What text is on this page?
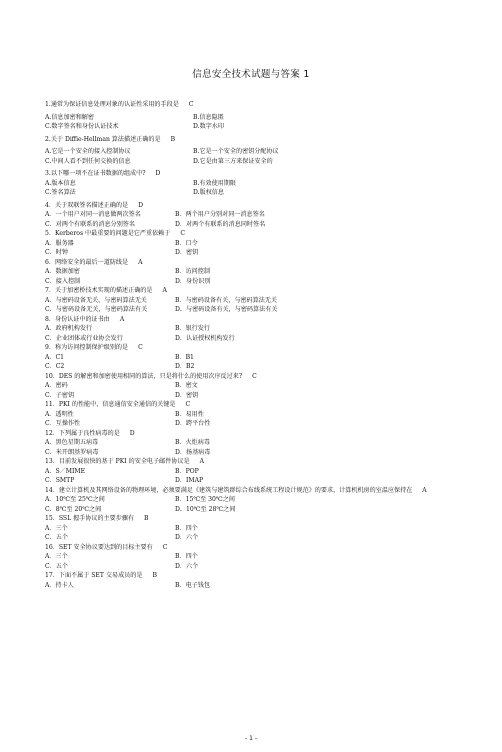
信息安全技术试题与答案 1
1.通常为保证信息处理对象的认证性采用的手段是 C
A.信息加密和解密	B.信息隐匿
C.数字签名和身份认证技术	D.数字水印
2.关于 Diffie-Hellman 算法描述正确的是 B
A.它是一个安全的接入控制协议	B.它是一个安全的密钥分配协议
C.中间人看不到任何交换的信息	D.它是由第三方来保证安全的
3.以下哪一项不在证书数据的组成中? D
A.版本信息	B.有效使用期限
C.签名算法	D.版权信息
4．关于双联签名描述正确的是 D
A．一个用户对同一消息做两次签名	B．两个用户分别对同一消息签名
C．对两个有联系的消息分别签名	D．对两个有联系的消息同时签名
5．Kerberos 中最重要的问题是它严重依赖于 C
A．服务器	B．口令
C．时钟	D．密钥
6．网络安全的最后一道防线是 A
A．数据加密	B．访问控制
C．接入控制	D．身份识别
7．关于加密桥技术实现的描述正确的是 A
A．与密码设备无关，与密码算法无关	B．与密码设备有关，与密码算法无关
C．与密码设备无关，与密码算法有关	D．与密码设备有关，与密码算法有关
8．身份认证中的证书由 A
A．政府机构发行	B．银行发行
C．企业团体或行业协会发行	D．认证授权机构发行
9．称为访问控制保护级别的是 C
A．C1	B．B1
C．C2	D．B2
10．DES 的解密和加密使用相同的算法，只是将什么的使用次序反过来? C
A．密码	B．密文
C．子密钥	D．密钥
11．PKI 的性能中，信息通信安全通信的关键是 C
A．透明性	B．易用性
C．互操作性	D．跨平台性
12．下列属于良性病毒的是 D
A．黑色星期五病毒	B．火炬病毒
C．米开朗基罗病毒	D．扬基病毒
13．目前发展很快的基于 PKI 的安全电子邮件协议是 A
A．S／MIME	B．POP
C．SMTP	D．IMAP
14．建立计算机及其网络设备的物理环境，必须要满足《建筑与建筑群综合布线系统工程设计规范》的要求，计算机机房的室温应保持在 A
A．10℃至 25℃之间	B．15℃至 30℃之间
C．8℃至 20℃之间	D．10℃至 28℃之间
15．SSL 握手协议的主要步骤有 B
A．三个	B．四个
C．五个	D．六个
16．SET 安全协议要达到的目标主要有 C
A．三个	B．四个
C．五个	D．六个
17．下面不属于 SET 交易成员的是 B
A．持卡人	B．电子钱包
- 1 -
